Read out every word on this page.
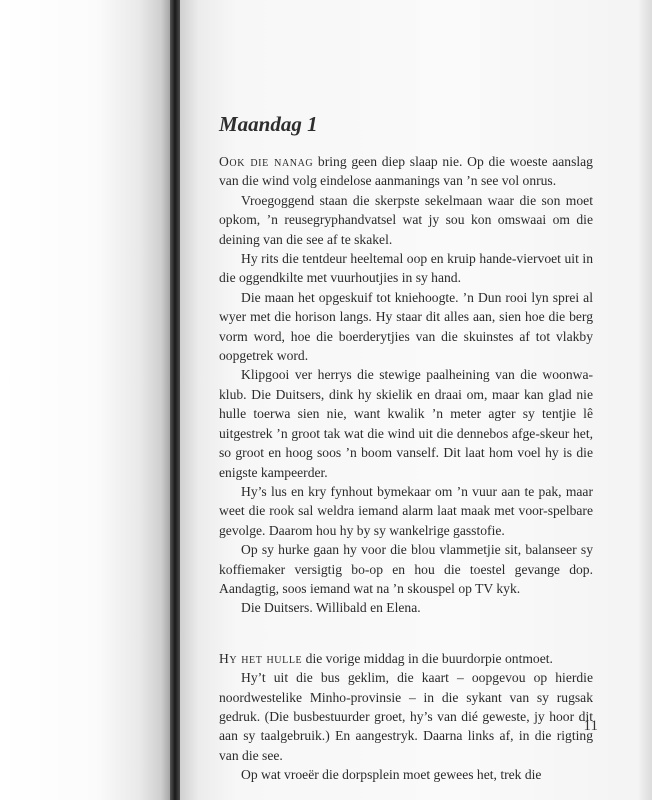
Maandag 1

Ook die nanag bring geen diep slaap nie. Op die woeste aanslag van die wind volg eindelose aanmanings van ’n see vol onrus.

Vroegoggend staan die skerpste sekelmaan waar die son moet opkom, ’n reusegryphandvatsel wat jy sou kon omswaai om die deining van die see af te skakel.

Hy rits die tentdeur heeltemal oop en kruip hande-viervoet uit in die oggendkilte met vuurhoutjies in sy hand.

Die maan het opgeskuif tot kniehoogte. ’n Dun rooi lyn sprei al wyer met die horison langs. Hy staar dit alles aan, sien hoe die berg vorm word, hoe die boerderytjies van die skuinstes af tot vlakby oopgetrek word.

Klipgooi ver herrys die stewige paalheining van die woonwa-klub. Die Duitsers, dink hy skielik en draai om, maar kan glad nie hulle toerwa sien nie, want kwalik ’n meter agter sy tentjie lê uitgestrek ’n groot tak wat die wind uit die dennebos afge-skeur het, so groot en hoog soos ’n boom vanself. Dit laat hom voel hy is die enigste kampeerder.

Hy’s lus en kry fynhout bymekaar om ’n vuur aan te pak, maar weet die rook sal weldra iemand alarm laat maak met voor-spelbare gevolge. Daarom hou hy by sy wankelrige gasstofie.

Op sy hurke gaan hy voor die blou vlammetjie sit, balanseer sy koffiemaker versigtig bo-op en hou die toestel gevange dop. Aandagtig, soos iemand wat na ’n skouspel op TV kyk.

Die Duitsers. Willibald en Elena.

Hy het hulle die vorige middag in die buurdorpie ontmoet.

Hy’t uit die bus geklim, die kaart – oopgevou op hierdie noordwestelike Minho-provinsie – in die sykant van sy rugsak gedruk. (Die busbestuurder groet, hy’s van dié geweste, jy hoor dit aan sy taalgebruik.) En aangestryk. Daarna links af, in die rigting van die see.

Op wat vroeër die dorpsplein moet gewees het, trek die

11
